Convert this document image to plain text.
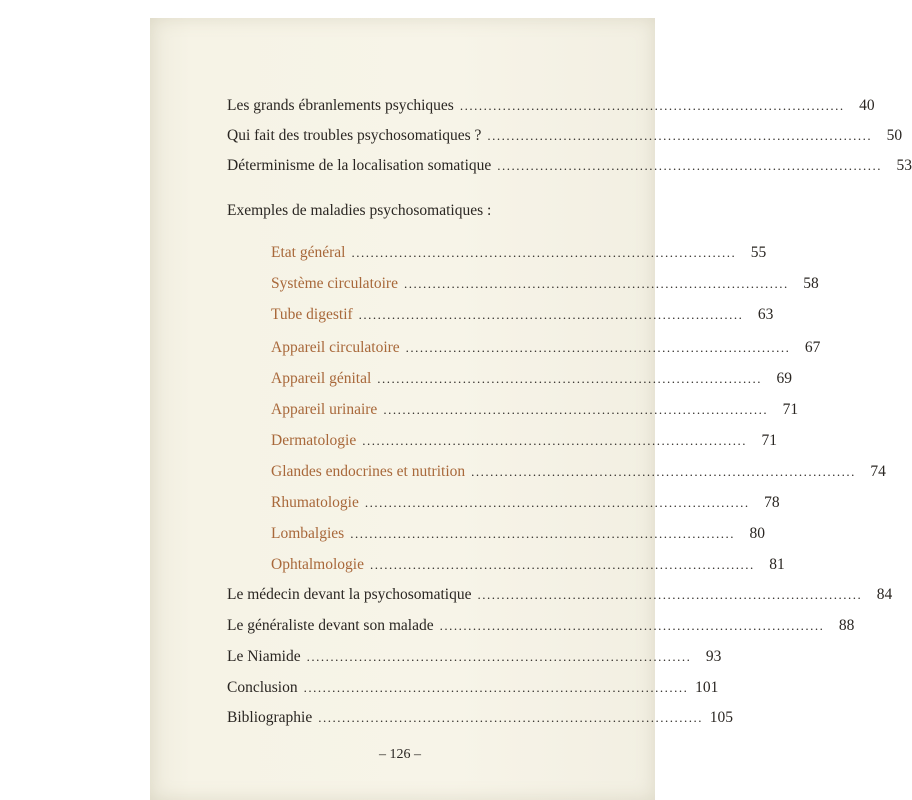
Les grands ébranlements psychiques ................................................................................. 40
Qui fait des troubles psychosomatiques ? ................................................................................. 50
Déterminisme de la localisation somatique ................................................................................. 53
Exemples de maladies psychosomatiques :
Etat général ................................................................................. 55
Système circulatoire ................................................................................. 58
Tube digestif ................................................................................. 63
Appareil circulatoire ................................................................................. 67
Appareil génital ................................................................................. 69
Appareil urinaire ................................................................................. 71
Dermatologie ................................................................................. 71
Glandes endocrines et nutrition ................................................................................. 74
Rhumatologie ................................................................................. 78
Lombalgies ................................................................................. 80
Ophtalmologie ................................................................................. 81
Le médecin devant la psychosomatique ................................................................................. 84
Le généraliste devant son malade ................................................................................. 88
Le Niamide ................................................................................. 93
Conclusion ................................................................................. 101
Bibliographie ................................................................................. 105
– 126 –
